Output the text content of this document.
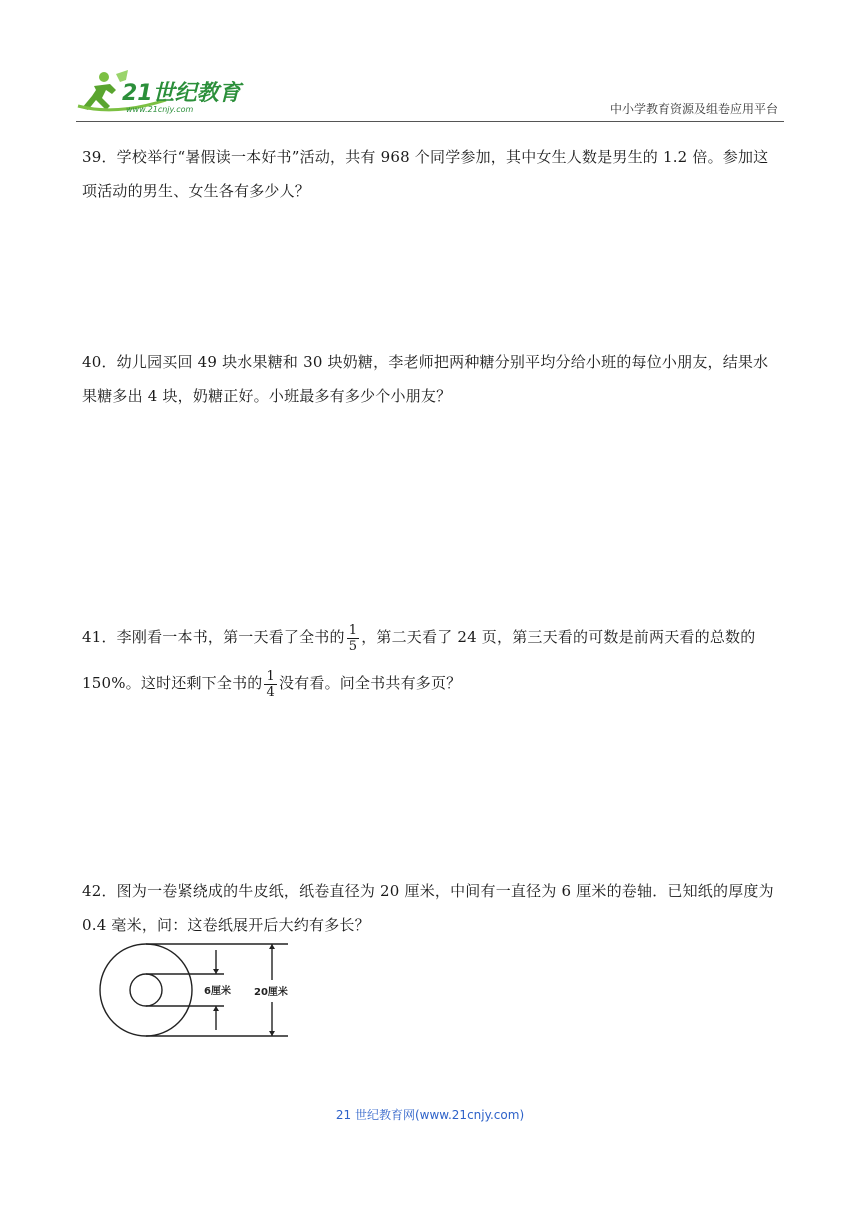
21世纪教育
www.21cnjy.com	中小学教育资源及组卷应用平台
39．学校举行“暑假读一本好书”活动，共有 968 个同学参加，其中女生人数是男生的 1.2 倍。参加这项活动的男生、女生各有多少人？
40．幼儿园买回 49 块水果糖和 30 块奶糖，李老师把两种糖分别平均分给小班的每位小朋友，结果水果糖多出 4 块，奶糖正好。小班最多有多少个小朋友？
41．李刚看一本书，第一天看了全书的 $\frac{1}{5}$ ，第二天看了 24 页，第三天看的可数是前两天看的总数的 150%。这时还剩下全书的 $\frac{1}{4}$ 没有看。问全书共有多页？
42．图为一卷紧绕成的牛皮纸，纸卷直径为 20 厘米，中间有一直径为 6 厘米的卷轴．已知纸的厚度为 0.4 毫米，问：这卷纸展开后大约有多长？
6厘米 20厘米
21 世纪教育网(www.21cnjy.com)
